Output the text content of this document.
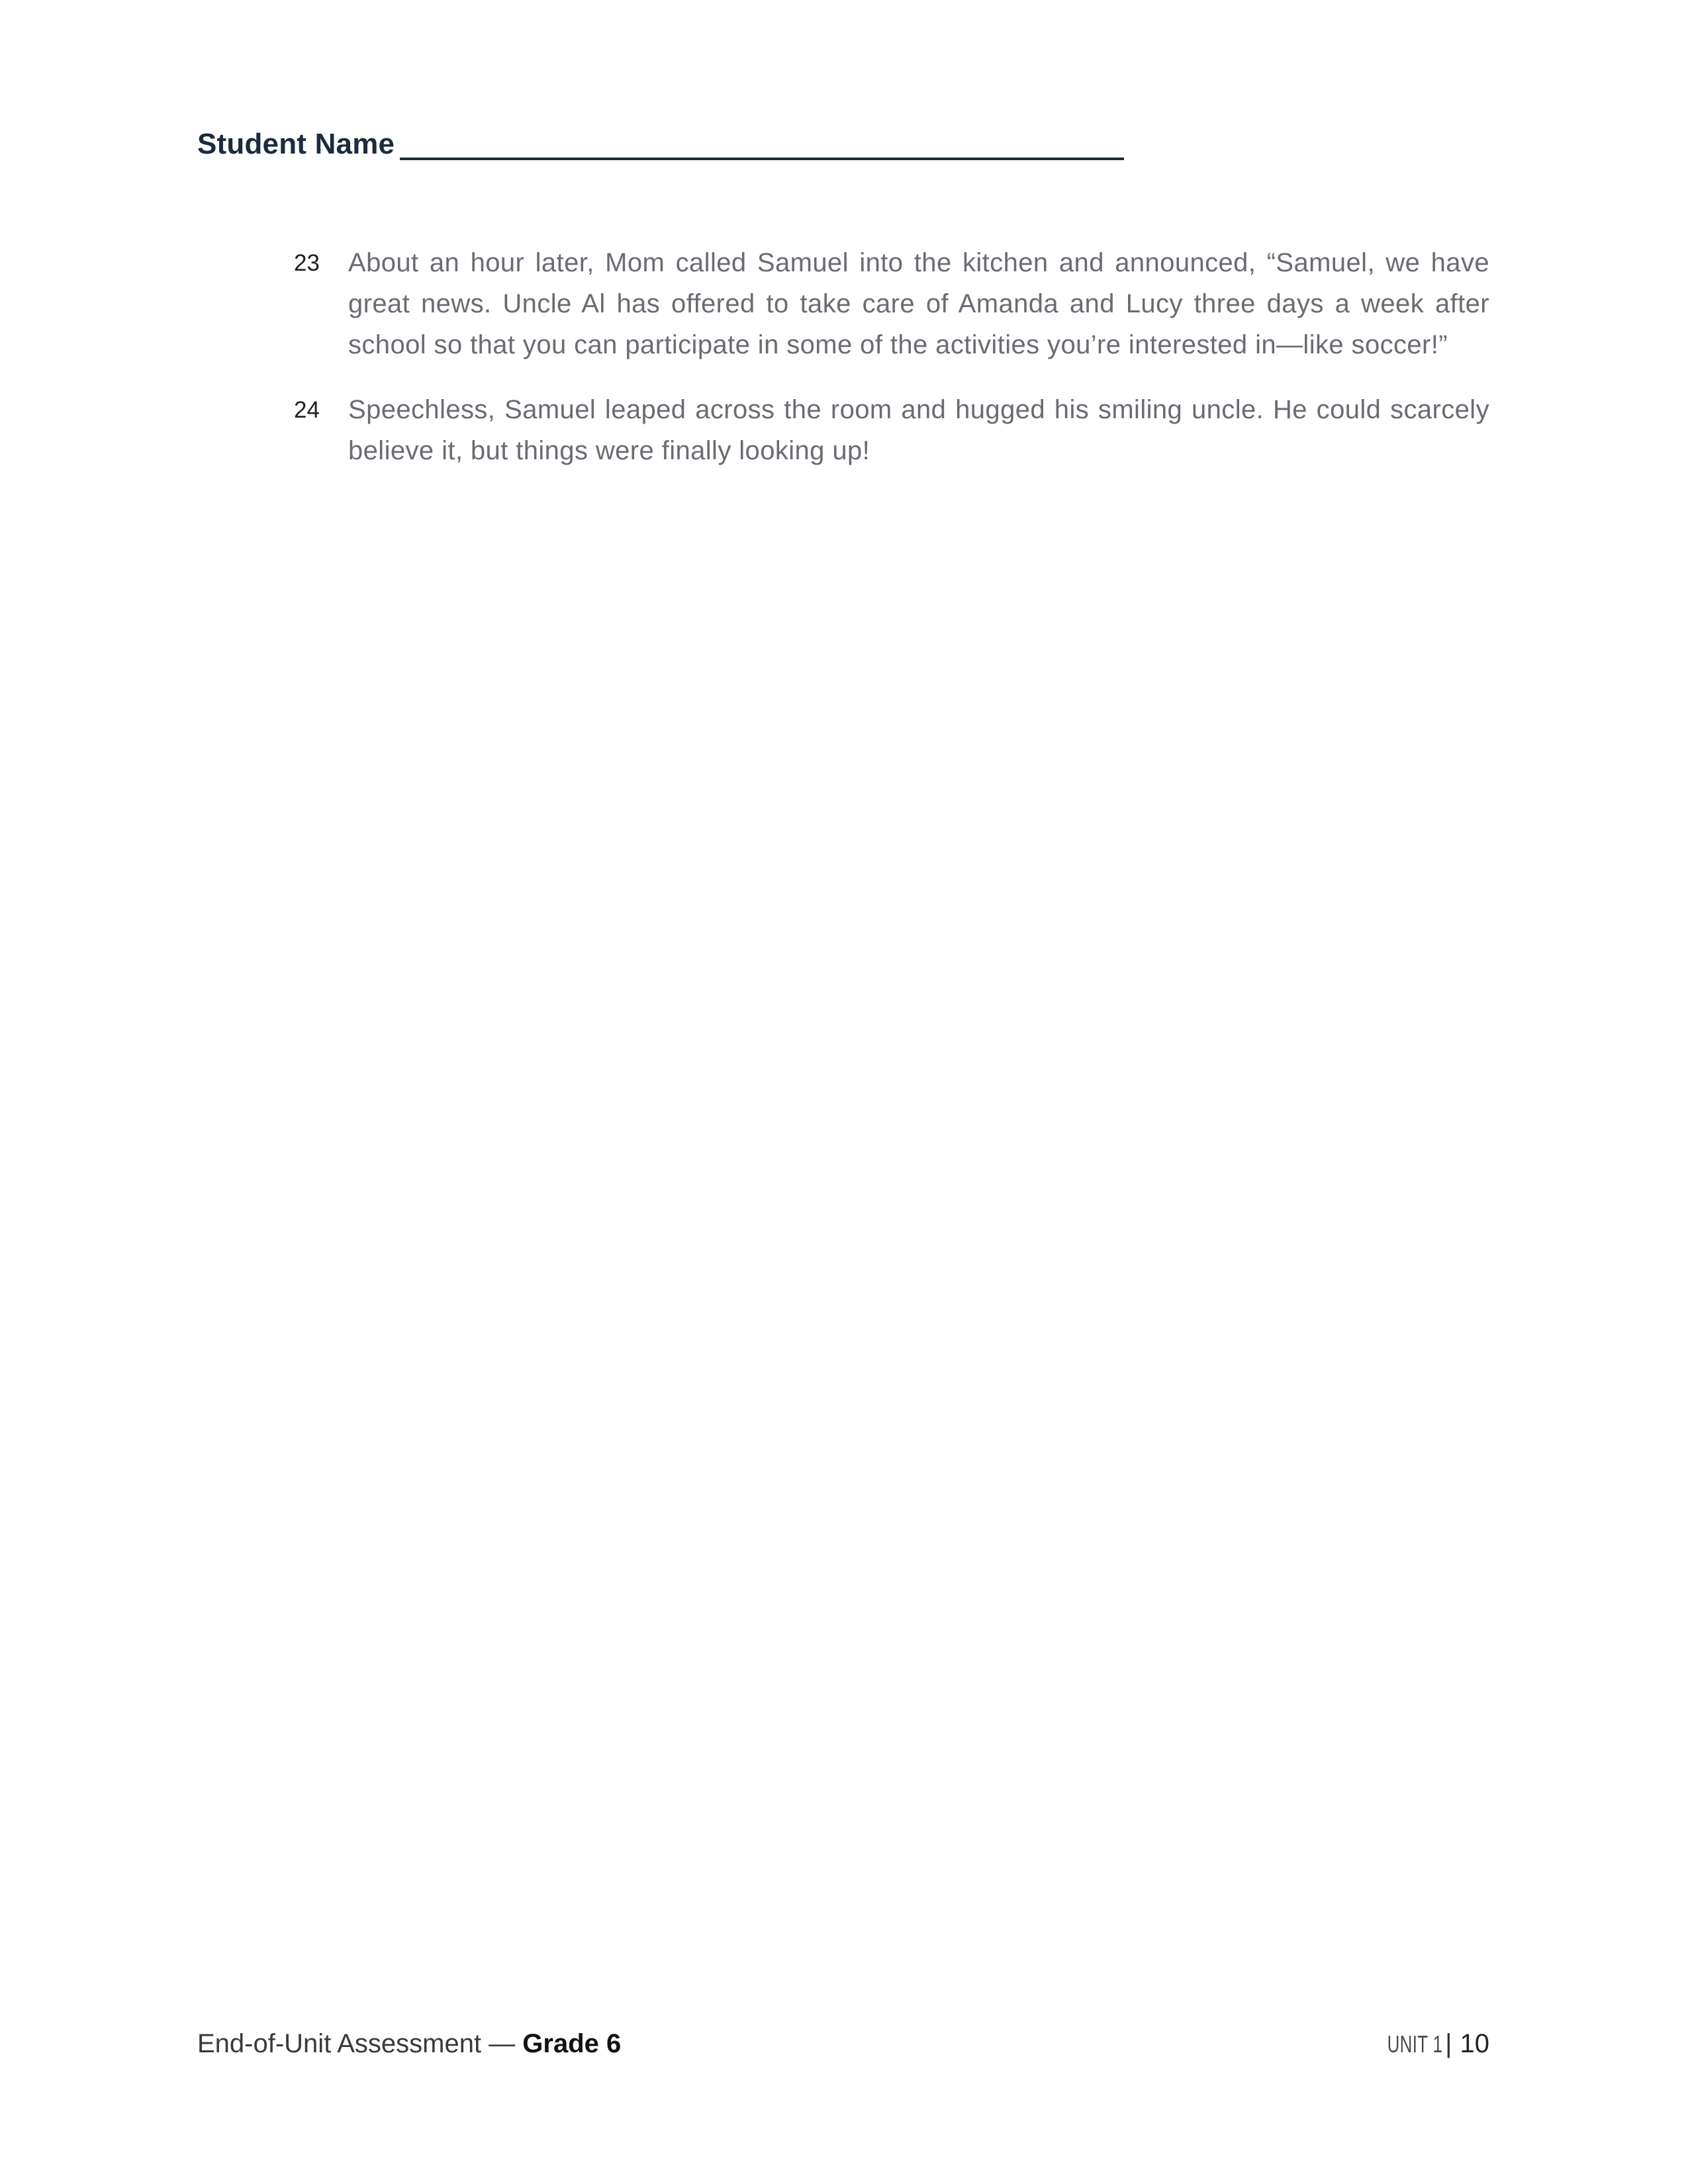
Student Name
23	About an hour later, Mom called Samuel into the kitchen and announced, “Samuel, we have great news. Uncle Al has offered to take care of Amanda and Lucy three days a week after school so that you can participate in some of the activities you’re interested in—like soccer!”
24	Speechless, Samuel leaped across the room and hugged his smiling uncle. He could scarcely believe it, but things were finally looking up!
End-of-Unit Assessment — Grade 6	UNIT 1 | 10
